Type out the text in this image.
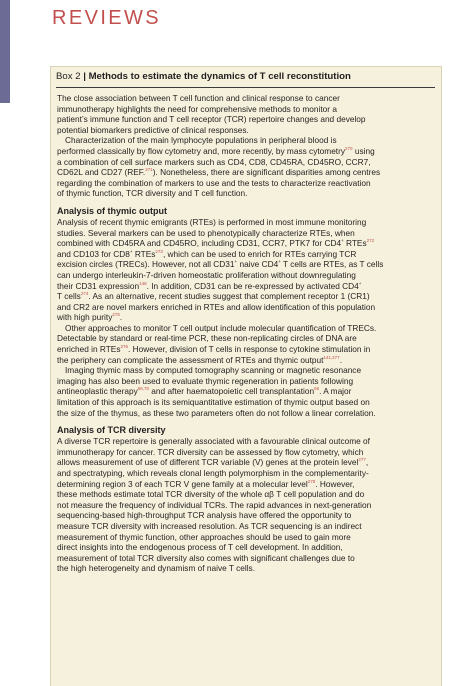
REVIEWS
Box 2 | Methods to estimate the dynamics of T cell reconstitution
The close association between T cell function and clinical response to cancer
immunotherapy highlights the need for comprehensive methods to monitor a
patient’s immune function and T cell receptor (TCR) repertoire changes and develop
potential biomarkers predictive of clinical responses.
Characterization of the main lymphocyte populations in peripheral blood is
performed classically by flow cytometry and, more recently, by mass cytometry$^{270}$ using
a combination of cell surface markers such as CD4, CD8, CD45RA, CD45RO, CCR7,
CD62L and CD27 (REF.$^{271}$). Nonetheless, there are significant disparities among centres
regarding the combination of markers to use and the tests to characterize reactivation
of thymic function, TCR diversity and T cell function.
Analysis of thymic output
Analysis of recent thymic emigrants (RTEs) is performed in most immune monitoring
studies. Several markers can be used to phenotypically characterize RTEs, when
combined with CD45RA and CD45RO, including CD31, CCR7, PTK7 for CD4+ RTEs$^{272}$
and CD103 for CD8+ RTEs$^{273}$, which can be used to enrich for RTEs carrying TCR
excision circles (TRECs). However, not all CD31+ naive CD4+ T cells are RTEs, as T cells
can undergo interleukin-7-driven homeostatic proliferation without downregulating
their CD31 expression$^{146}$. In addition, CD31 can be re-expressed by activated CD4+
T cells$^{274}$. As an alternative, recent studies suggest that complement receptor 1 (CR1)
and CR2 are novel markers enriched in RTEs and allow identification of this population
with high purity$^{275}$.
Other approaches to monitor T cell output include molecular quantification of TRECs.
Detectable by standard or real-time PCR, these non-replicating circles of DNA are
enriched in RTEs$^{276}$. However, division of T cells in response to cytokine stimulation in
the periphery can complicate the assessment of RTEs and thymic output$^{141,277}$.
Imaging thymic mass by computed tomography scanning or magnetic resonance
imaging has also been used to evaluate thymic regeneration in patients following
antineoplastic therapy$^{66,70}$ and after haematopoietic cell transplantation$^{65}$. A major
limitation of this approach is its semiquantitative estimation of thymic output based on
the size of the thymus, as these two parameters often do not follow a linear correlation.
Analysis of TCR diversity
A diverse TCR repertoire is generally associated with a favourable clinical outcome of
immunotherapy for cancer. TCR diversity can be assessed by flow cytometry, which
allows measurement of use of different TCR variable (V) genes at the protein level$^{277}$,
and spectratyping, which reveals clonal length polymorphism in the complementarity-
determining region 3 of each TCR V gene family at a molecular level$^{278}$. However,
these methods estimate total TCR diversity of the whole αβ T cell population and do
not measure the frequency of individual TCRs. The rapid advances in next-generation
sequencing-based high-throughput TCR analysis have offered the opportunity to
measure TCR diversity with increased resolution. As TCR sequencing is an indirect
measurement of thymic function, other approaches should be used to gain more
direct insights into the endogenous process of T cell development. In addition,
measurement of total TCR diversity also comes with significant challenges due to
the high heterogeneity and dynamism of naive T cells.
